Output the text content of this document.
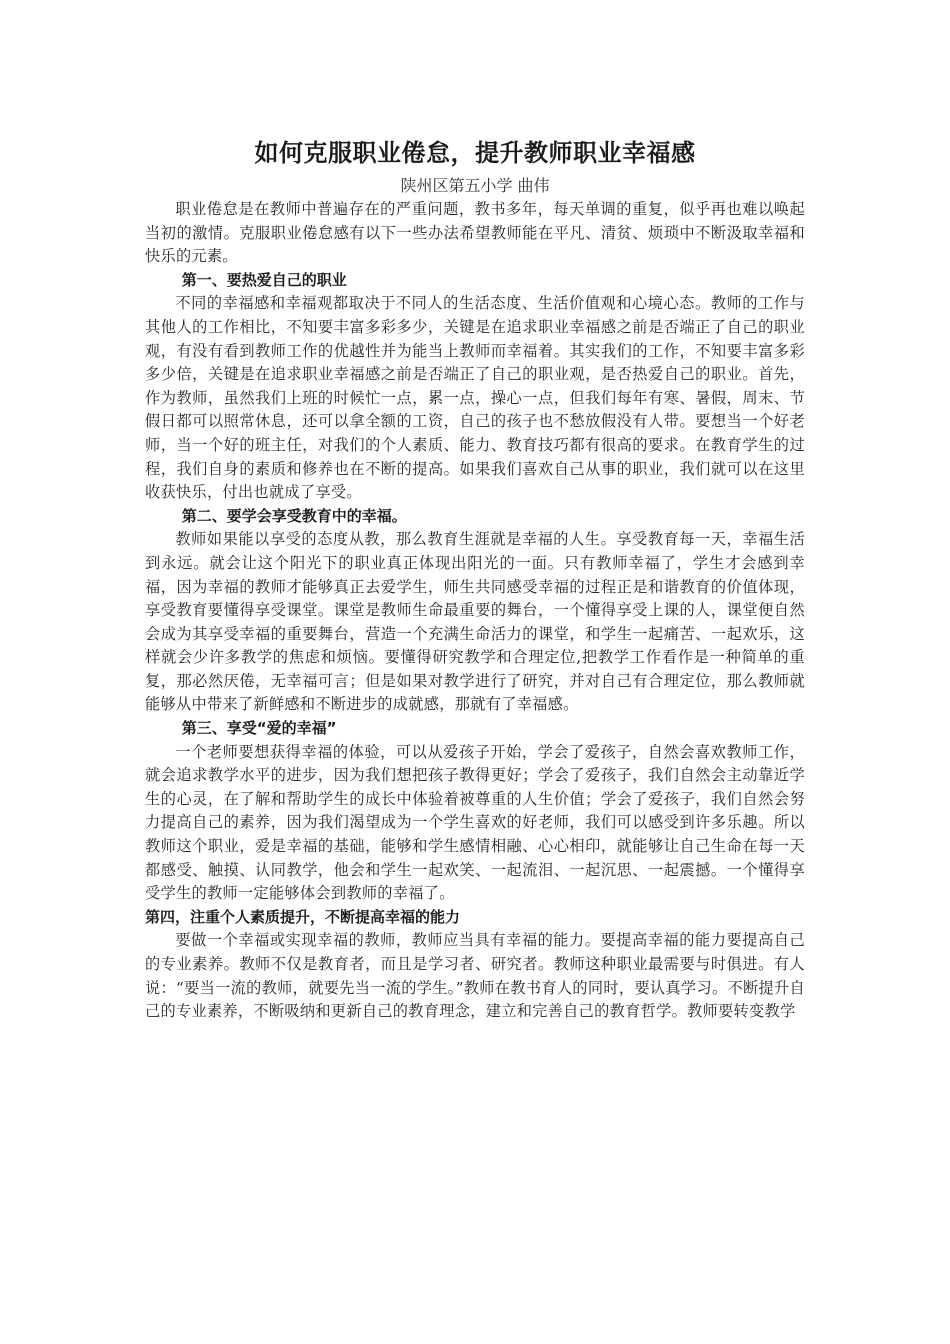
如何克服职业倦怠，提升教师职业幸福感
陕州区第五小学 曲伟

职业倦怠是在教师中普遍存在的严重问题，教书多年，每天单调的重复，似乎再也难以唤起当初的激情。克服职业倦怠感有以下一些办法希望教师能在平凡、清贫、烦琐中不断汲取幸福和快乐的元素。

第一、要热爱自己的职业

不同的幸福感和幸福观都取决于不同人的生活态度、生活价值观和心境心态。教师的工作与其他人的工作相比，不知要丰富多彩多少，关键是在追求职业幸福感之前是否端正了自己的职业观，有没有看到教师工作的优越性并为能当上教师而幸福着。其实我们的工作，不知要丰富多彩多少倍，关键是在追求职业幸福感之前是否端正了自己的职业观，是否热爱自己的职业。首先，作为教师，虽然我们上班的时候忙一点，累一点，操心一点，但我们每年有寒、暑假，周末、节假日都可以照常休息，还可以拿全额的工资，自己的孩子也不愁放假没有人带。要想当一个好老师，当一个好的班主任，对我们的个人素质、能力、教育技巧都有很高的要求。在教育学生的过程，我们自身的素质和修养也在不断的提高。如果我们喜欢自己从事的职业，我们就可以在这里收获快乐，付出也就成了享受。

第二、要学会享受教育中的幸福。

教师如果能以享受的态度从教，那么教育生涯就是幸福的人生。享受教育每一天，幸福生活到永远。就会让这个阳光下的职业真正体现出阳光的一面。只有教师幸福了，学生才会感到幸福，因为幸福的教师才能够真正去爱学生，师生共同感受幸福的过程正是和谐教育的价值体现，享受教育要懂得享受课堂。课堂是教师生命最重要的舞台，一个懂得享受上课的人，课堂便自然会成为其享受幸福的重要舞台，营造一个充满生命活力的课堂，和学生一起痛苦、一起欢乐，这样就会少许多教学的焦虑和烦恼。要懂得研究教学和合理定位,把教学工作看作是一种简单的重复，那必然厌倦，无幸福可言；但是如果对教学进行了研究，并对自己有合理定位，那么教师就能够从中带来了新鲜感和不断进步的成就感，那就有了幸福感。

第三、享受“爱的幸福”

一个老师要想获得幸福的体验，可以从爱孩子开始，学会了爱孩子，自然会喜欢教师工作，就会追求教学水平的进步，因为我们想把孩子教得更好；学会了爱孩子，我们自然会主动靠近学生的心灵，在了解和帮助学生的成长中体验着被尊重的人生价值；学会了爱孩子，我们自然会努力提高自己的素养，因为我们渴望成为一个学生喜欢的好老师，我们可以感受到许多乐趣。所以教师这个职业，爱是幸福的基础，能够和学生感情相融、心心相印，就能够让自己生命在每一天都感受、触摸、认同教学，他会和学生一起欢笑、一起流泪、一起沉思、一起震撼。一个懂得享受学生的教师一定能够体会到教师的幸福了。

第四，注重个人素质提升，不断提高幸福的能力

要做一个幸福或实现幸福的教师，教师应当具有幸福的能力。要提高幸福的能力要提高自己的专业素养。教师不仅是教育者，而且是学习者、研究者。教师这种职业最需要与时俱进。有人说：“要当一流的教师，就要先当一流的学生。”教师在教书育人的同时，要认真学习。不断提升自己的专业素养，不断吸纳和更新自己的教育理念，建立和完善自己的教育哲学。教师要转变教学
